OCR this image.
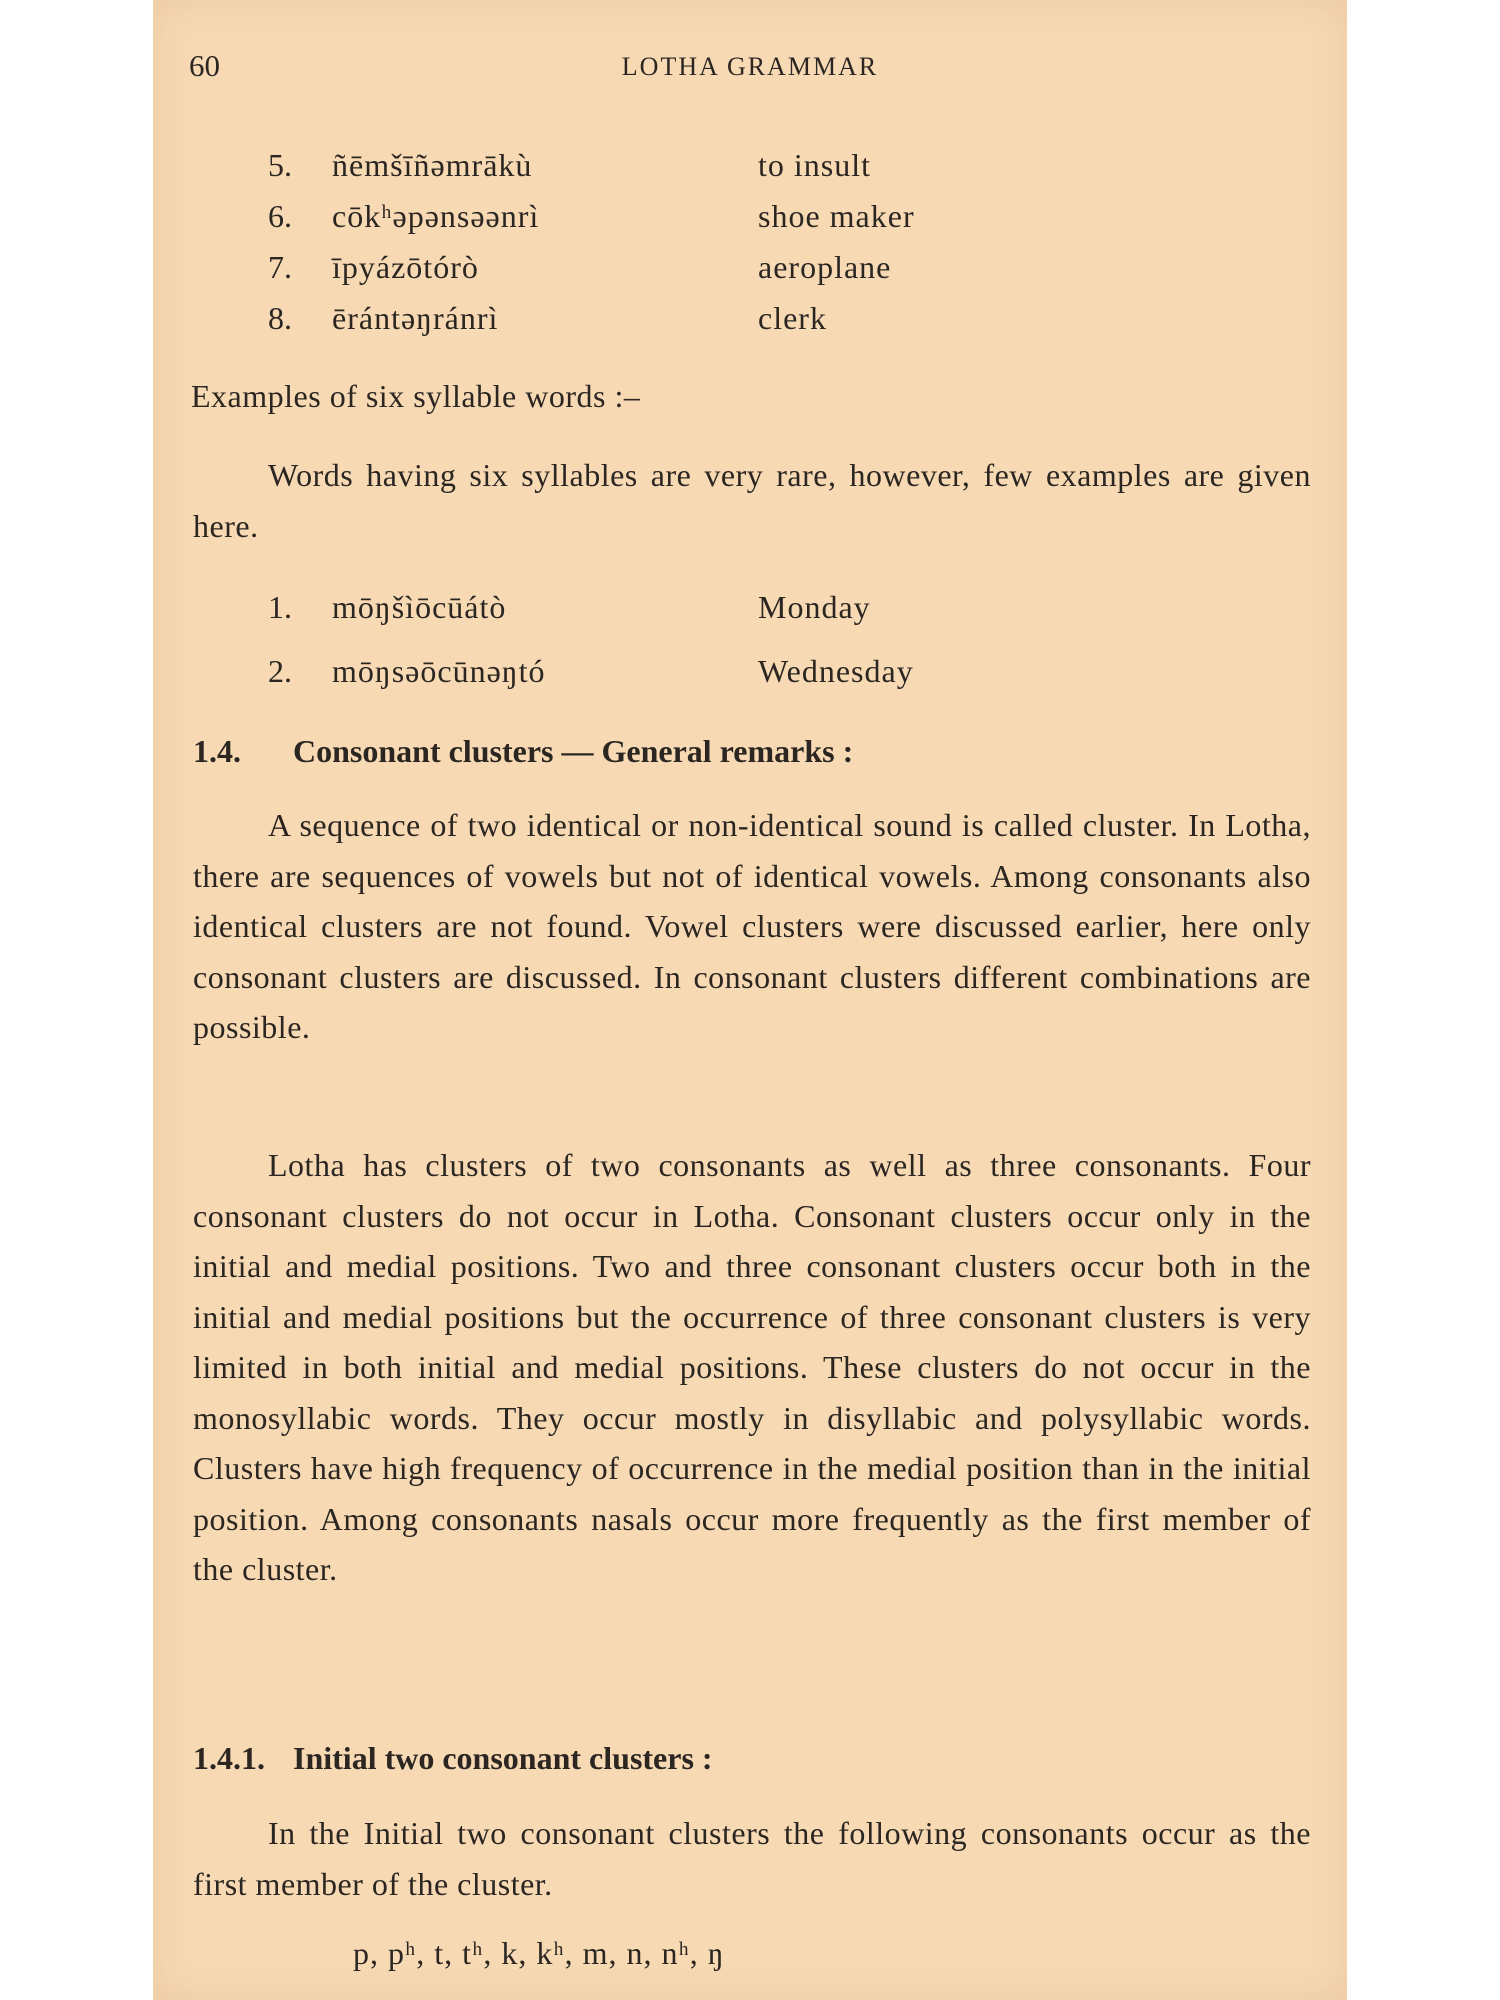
60	LOTHA GRAMMAR
5.	ñēmšīñəmrākù	to insult
6.	cōkʰəpənsəənrì	shoe maker
7.	īpyázōtórò	aeroplane
8.	ērántəŋránrì	clerk
Examples of six syllable words :–
Words having six syllables are very rare, however, few examples are given here.
1.	mōŋšìōcūátò	Monday
2.	mōŋsəōcūnəŋtó	Wednesday
1.4. Consonant clusters — General remarks :
A sequence of two identical or non-identical sound is called cluster. In Lotha, there are sequences of vowels but not of identical vowels. Among consonants also identical clusters are not found. Vowel clusters were discussed earlier, here only consonant clusters are discussed. In consonant clusters different combinations are possible.
Lotha has clusters of two consonants as well as three consonants. Four consonant clusters do not occur in Lotha. Consonant clusters occur only in the initial and medial positions. Two and three consonant clusters occur both in the initial and medial positions but the occurrence of three consonant clusters is very limited in both initial and medial positions. These clusters do not occur in the monosyllabic words. They occur mostly in disyllabic and polysyllabic words. Clusters have high frequency of occurrence in the medial position than in the initial position. Among consonants nasals occur more frequently as the first member of the cluster.
1.4.1. Initial two consonant clusters :
In the Initial two consonant clusters the following consonants occur as the first member of the cluster.
p, pʰ, t, tʰ, k, kʰ, m, n, nʰ, ŋ
